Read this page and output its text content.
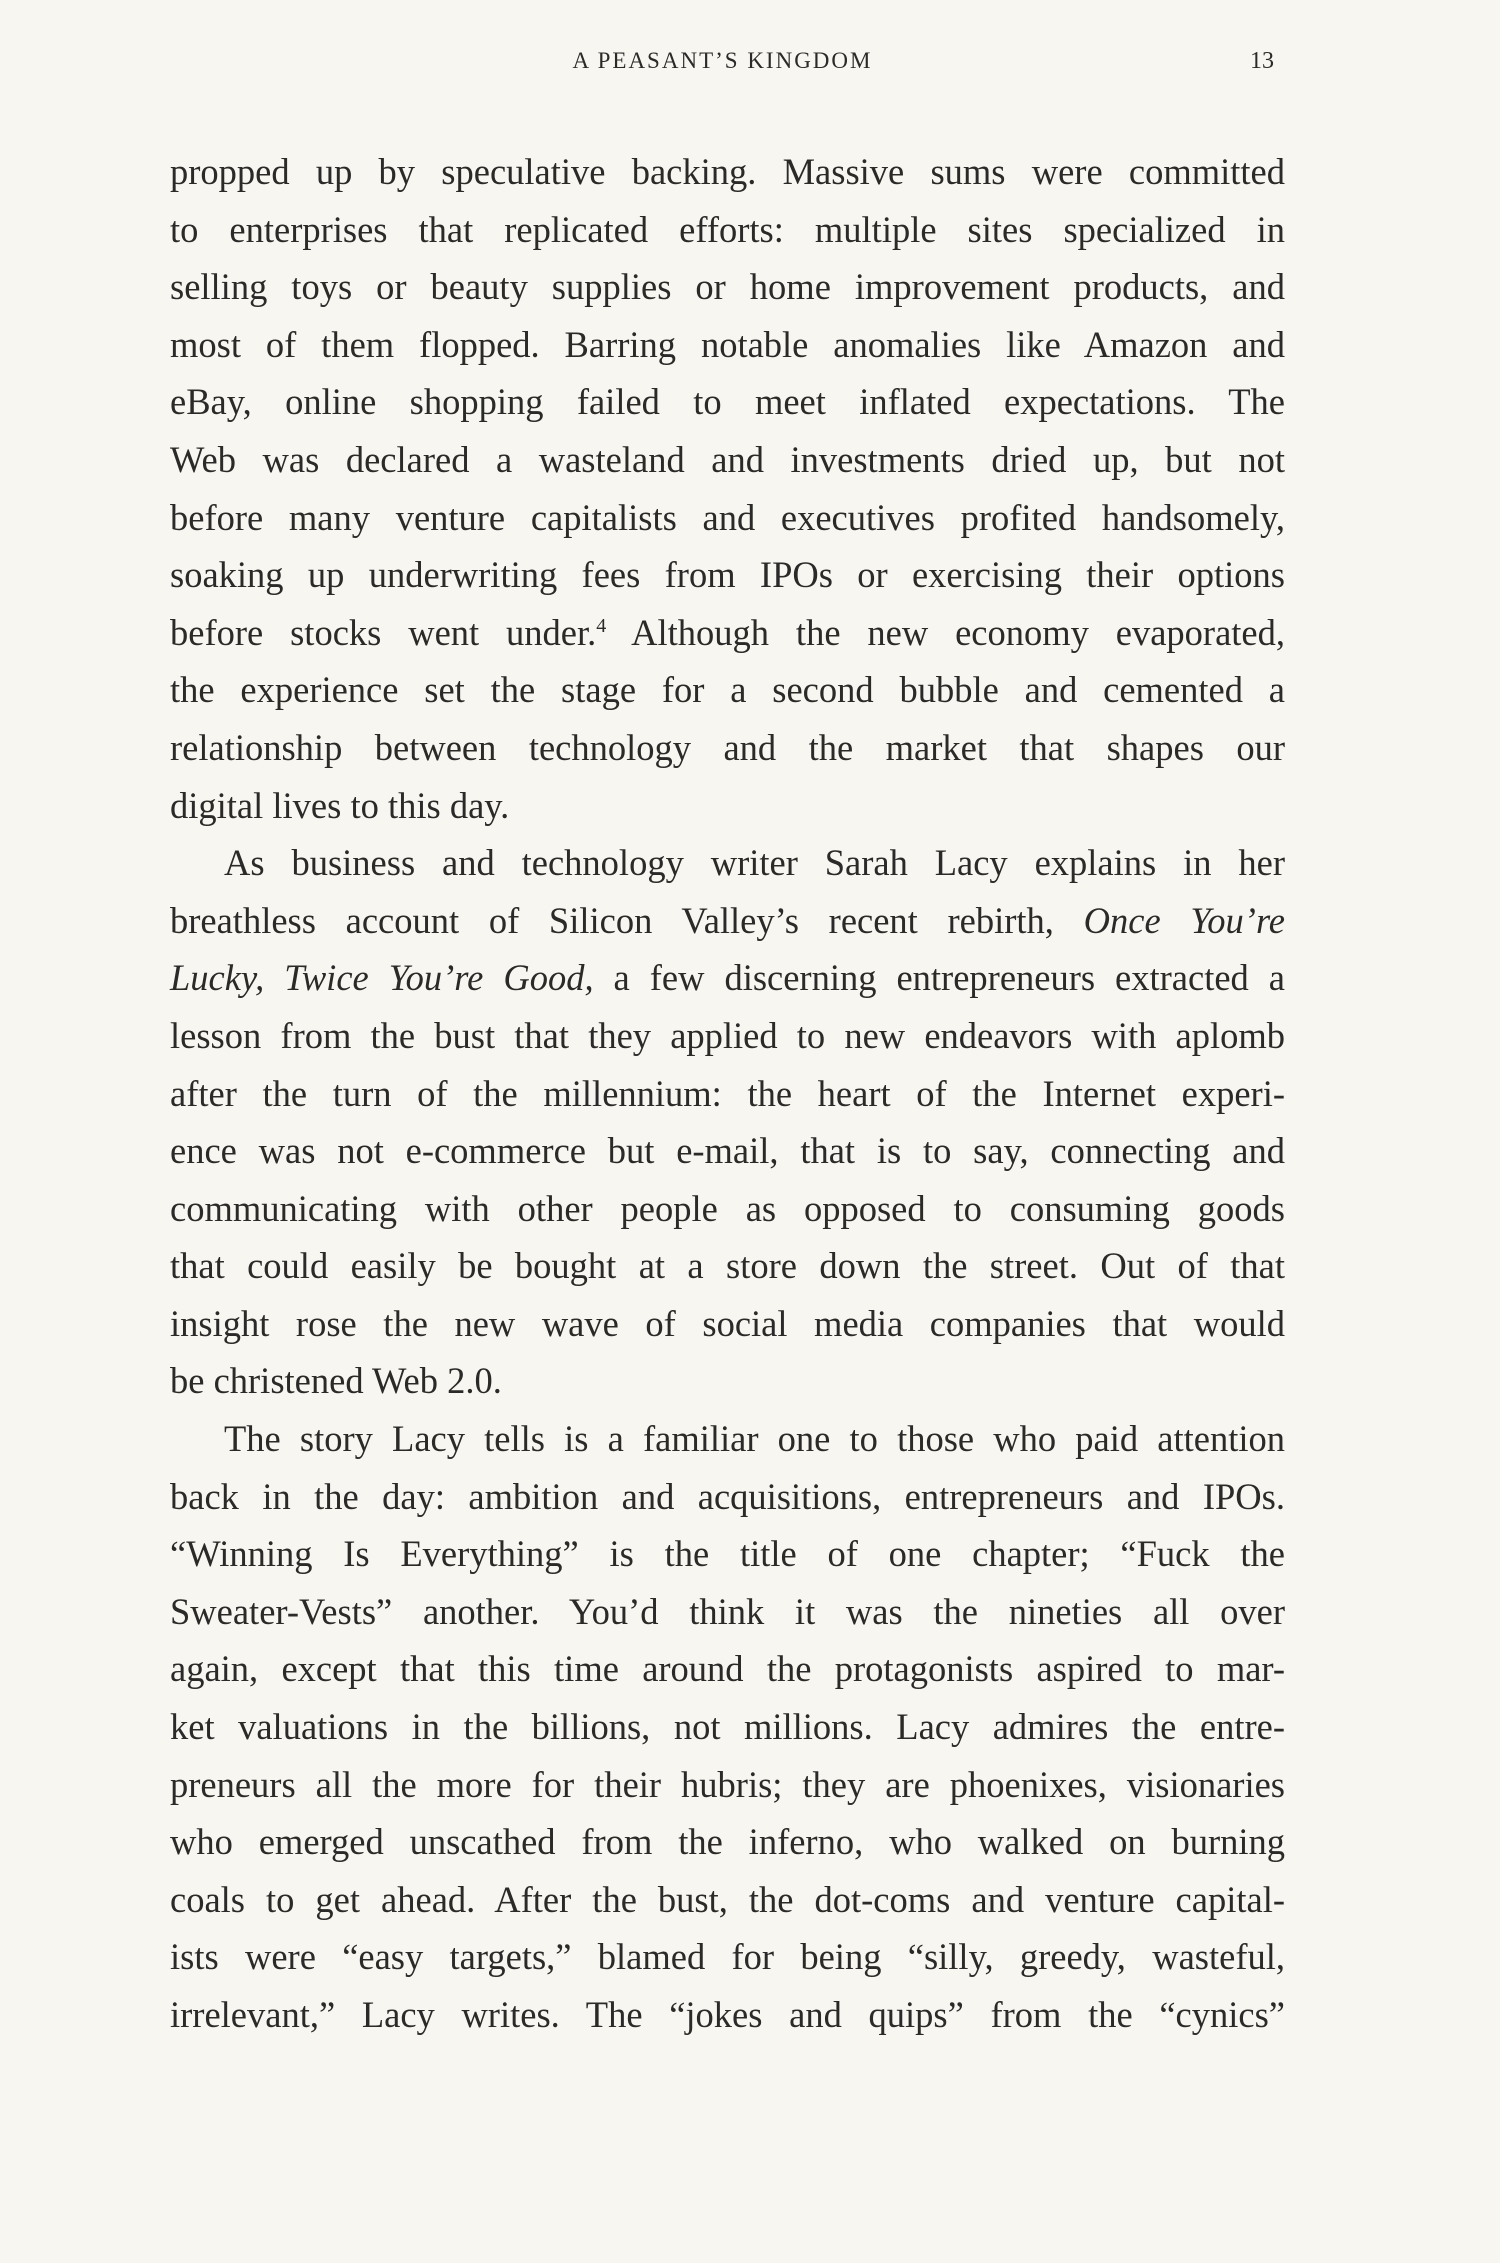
A PEASANT’S KINGDOM	13
propped up by speculative backing. Massive sums were committed
to enterprises that replicated efforts: multiple sites specialized in
selling toys or beauty supplies or home improvement products, and
most of them flopped. Barring notable anomalies like Amazon and
eBay, online shopping failed to meet inflated expectations. The
Web was declared a wasteland and investments dried up, but not
before many venture capitalists and executives profited handsomely,
soaking up underwriting fees from IPOs or exercising their options
before stocks went under.$^4$ Although the new economy evaporated,
the experience set the stage for a second bubble and cemented a
relationship between technology and the market that shapes our
digital lives to this day.
As business and technology writer Sarah Lacy explains in her
breathless account of Silicon Valley’s recent rebirth, Once You’re
Lucky, Twice You’re Good, a few discerning entrepreneurs extracted a
lesson from the bust that they applied to new endeavors with aplomb
after the turn of the millennium: the heart of the Internet experi-
ence was not e-commerce but e-mail, that is to say, connecting and
communicating with other people as opposed to consuming goods
that could easily be bought at a store down the street. Out of that
insight rose the new wave of social media companies that would
be christened Web 2.0.
The story Lacy tells is a familiar one to those who paid attention
back in the day: ambition and acquisitions, entrepreneurs and IPOs.
“Winning Is Everything” is the title of one chapter; “Fuck the
Sweater-Vests” another. You’d think it was the nineties all over
again, except that this time around the protagonists aspired to mar-
ket valuations in the billions, not millions. Lacy admires the entre-
preneurs all the more for their hubris; they are phoenixes, visionaries
who emerged unscathed from the inferno, who walked on burning
coals to get ahead. After the bust, the dot-coms and venture capital-
ists were “easy targets,” blamed for being “silly, greedy, wasteful,
irrelevant,” Lacy writes. The “jokes and quips” from the “cynics”
